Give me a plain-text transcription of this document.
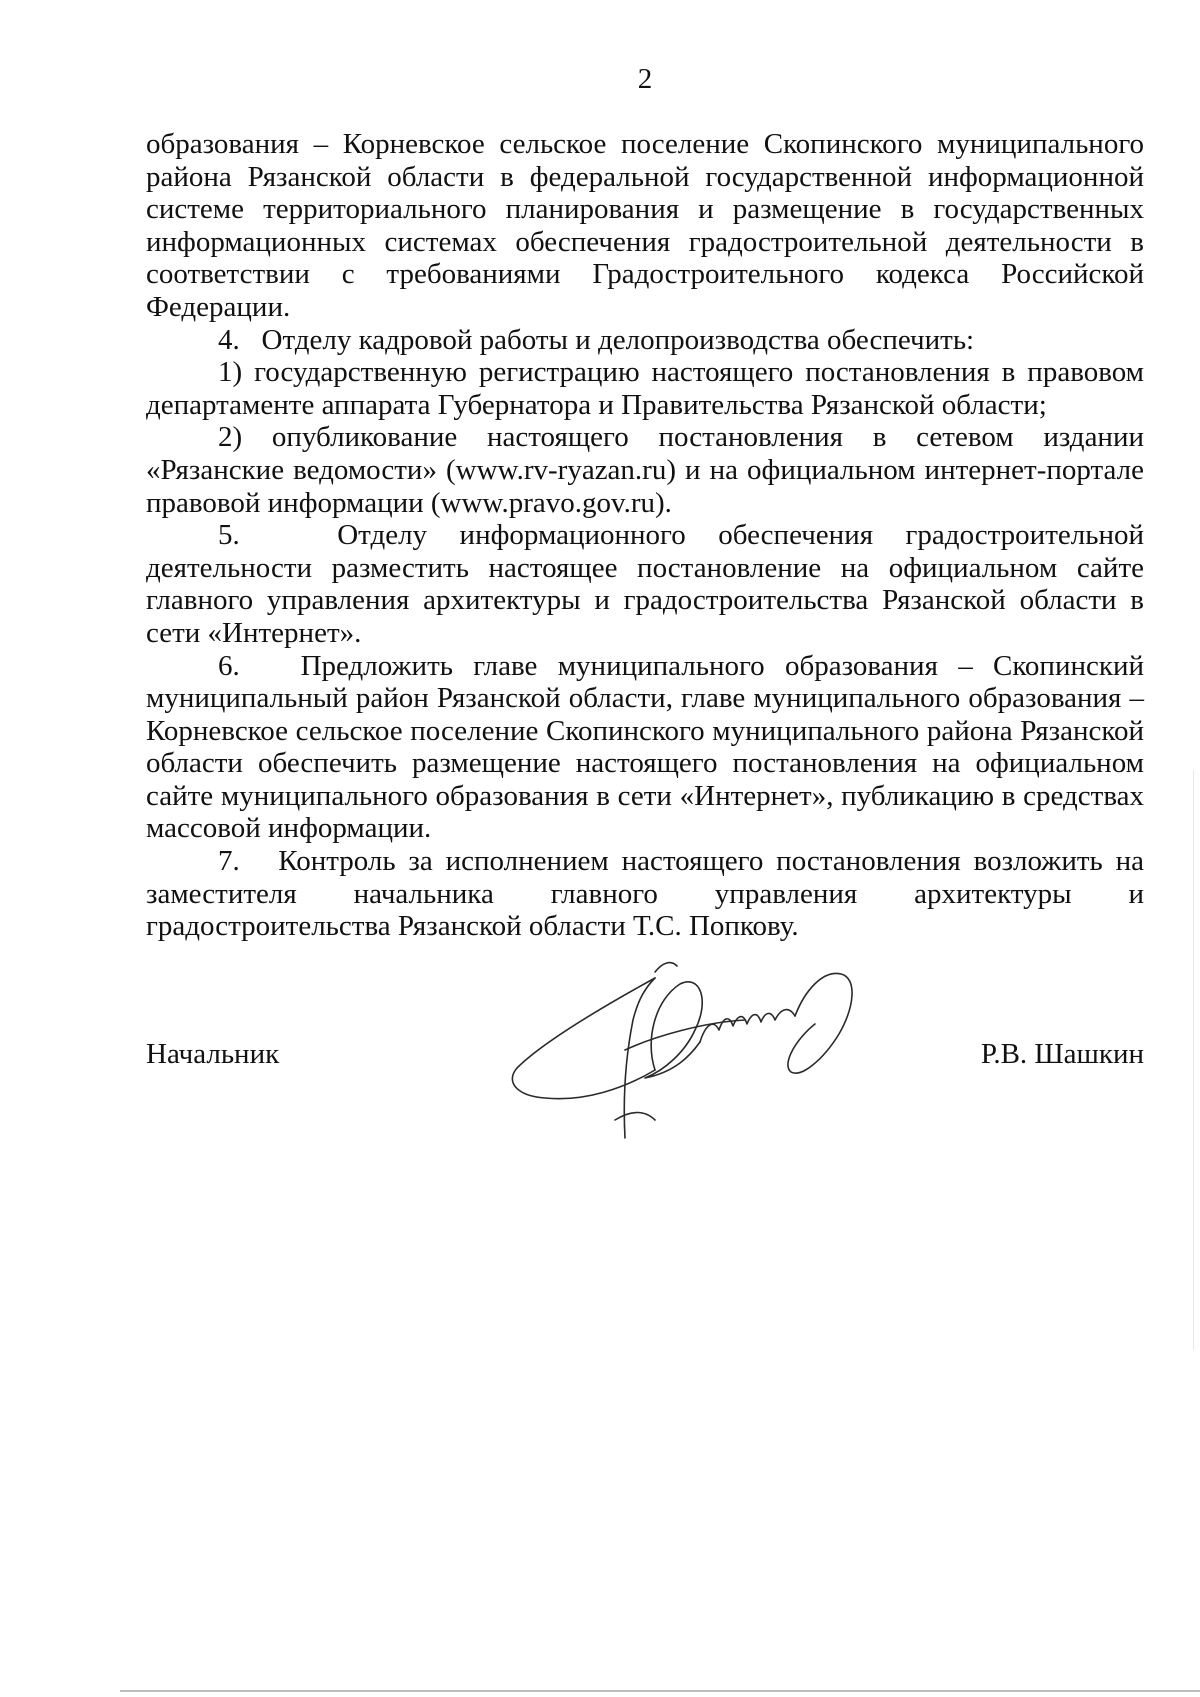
2

образования – Корневское сельское поселение Скопинского муниципального района Рязанской области в федеральной государственной информационной системе территориального планирования и размещение в государственных информационных системах обеспечения градостроительной деятельности в соответствии с требованиями Градостроительного кодекса Российской Федерации.

4.   Отделу кадровой работы и делопроизводства обеспечить:

1) государственную регистрацию настоящего постановления в правовом департаменте аппарата Губернатора и Правительства Рязанской области;

2) опубликование настоящего постановления в сетевом издании «Рязанские ведомости» (www.rv-ryazan.ru) и на официальном интернет-портале правовой информации (www.pravo.gov.ru).

5.   Отделу информационного обеспечения градостроительной деятельности разместить настоящее постановление на официальном сайте главного управления архитектуры и градостроительства Рязанской области в сети «Интернет».

6.   Предложить главе муниципального образования – Скопинский муниципальный район Рязанской области, главе муниципального образования – Корневское сельское поселение Скопинского муниципального района Рязанской области обеспечить размещение настоящего постановления на официальном сайте муниципального образования в сети «Интернет», публикацию в средствах массовой информации.

7.   Контроль за исполнением настоящего постановления возложить на заместителя начальника главного управления архитектуры и градостроительства Рязанской области Т.С. Попкову.

Начальник	Р.В. Шашкин
